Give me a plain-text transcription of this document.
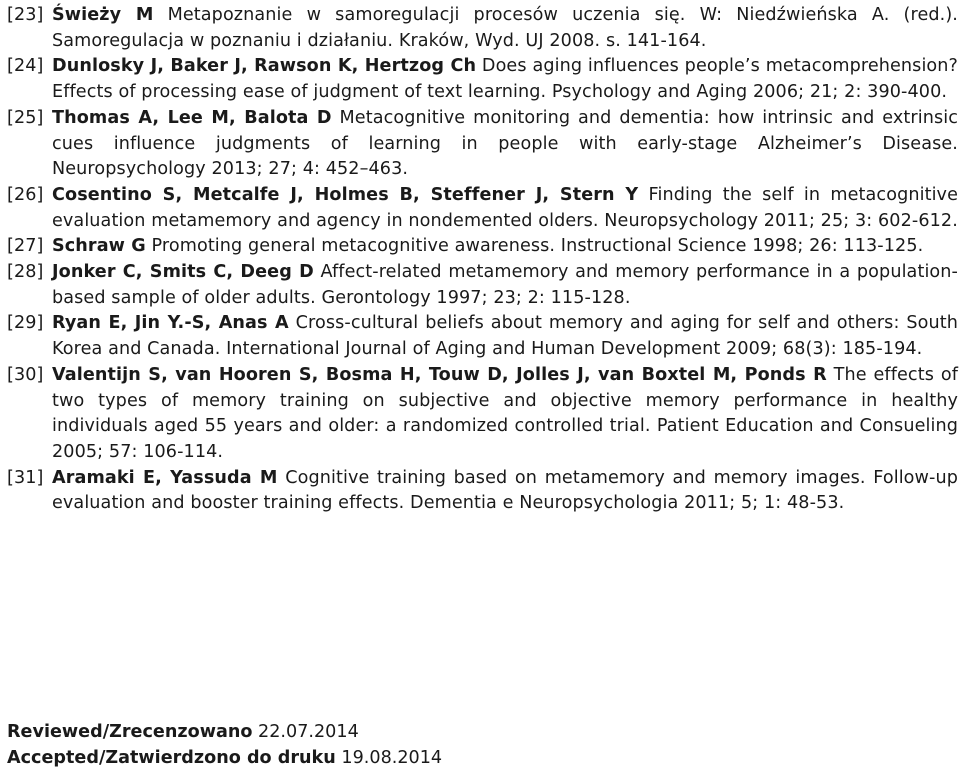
[23] Świeży M Metapoznanie w samoregulacji procesów uczenia się. W: Niedźwieńska A. (red.). Samoregulacja w poznaniu i działaniu. Kraków, Wyd. UJ 2008. s. 141-164.
[24] Dunlosky J, Baker J, Rawson K, Hertzog Ch Does aging influences people’s metacomprehension? Effects of processing ease of judgment of text learning. Psychology and Aging 2006; 21; 2: 390-400.
[25] Thomas A, Lee M, Balota D Metacognitive monitoring and dementia: how intrinsic and extrinsic cues influence judgments of learning in people with early-stage Alzheimer’s Disease. Neuropsychology 2013; 27; 4: 452–463.
[26] Cosentino S, Metcalfe J, Holmes B, Steffener J, Stern Y Finding the self in metacognitive evaluation metamemory and agency in nondemented olders. Neuropsychology 2011; 25; 3: 602-612.
[27] Schraw G Promoting general metacognitive awareness. Instructional Science 1998; 26: 113-125.
[28] Jonker C, Smits C, Deeg D Affect-related metamemory and memory performance in a population-based sample of older adults. Gerontology 1997; 23; 2: 115-128.
[29] Ryan E, Jin Y.-S, Anas A Cross-cultural beliefs about memory and aging for self and others: South Korea and Canada. International Journal of Aging and Human Development 2009; 68(3): 185-194.
[30] Valentijn S, van Hooren S, Bosma H, Touw D, Jolles J, van Boxtel M, Ponds R The effects of two types of memory training on subjective and objective memory performance in healthy individuals aged 55 years and older: a randomized controlled trial. Patient Education and Consueling 2005; 57: 106-114.
[31] Aramaki E, Yassuda M Cognitive training based on metamemory and memory images. Follow-up evaluation and booster training effects. Dementia e Neuropsychologia 2011; 5; 1: 48-53.
Reviewed/Zrecenzowano 22.07.2014
Accepted/Zatwierdzono do druku 19.08.2014
